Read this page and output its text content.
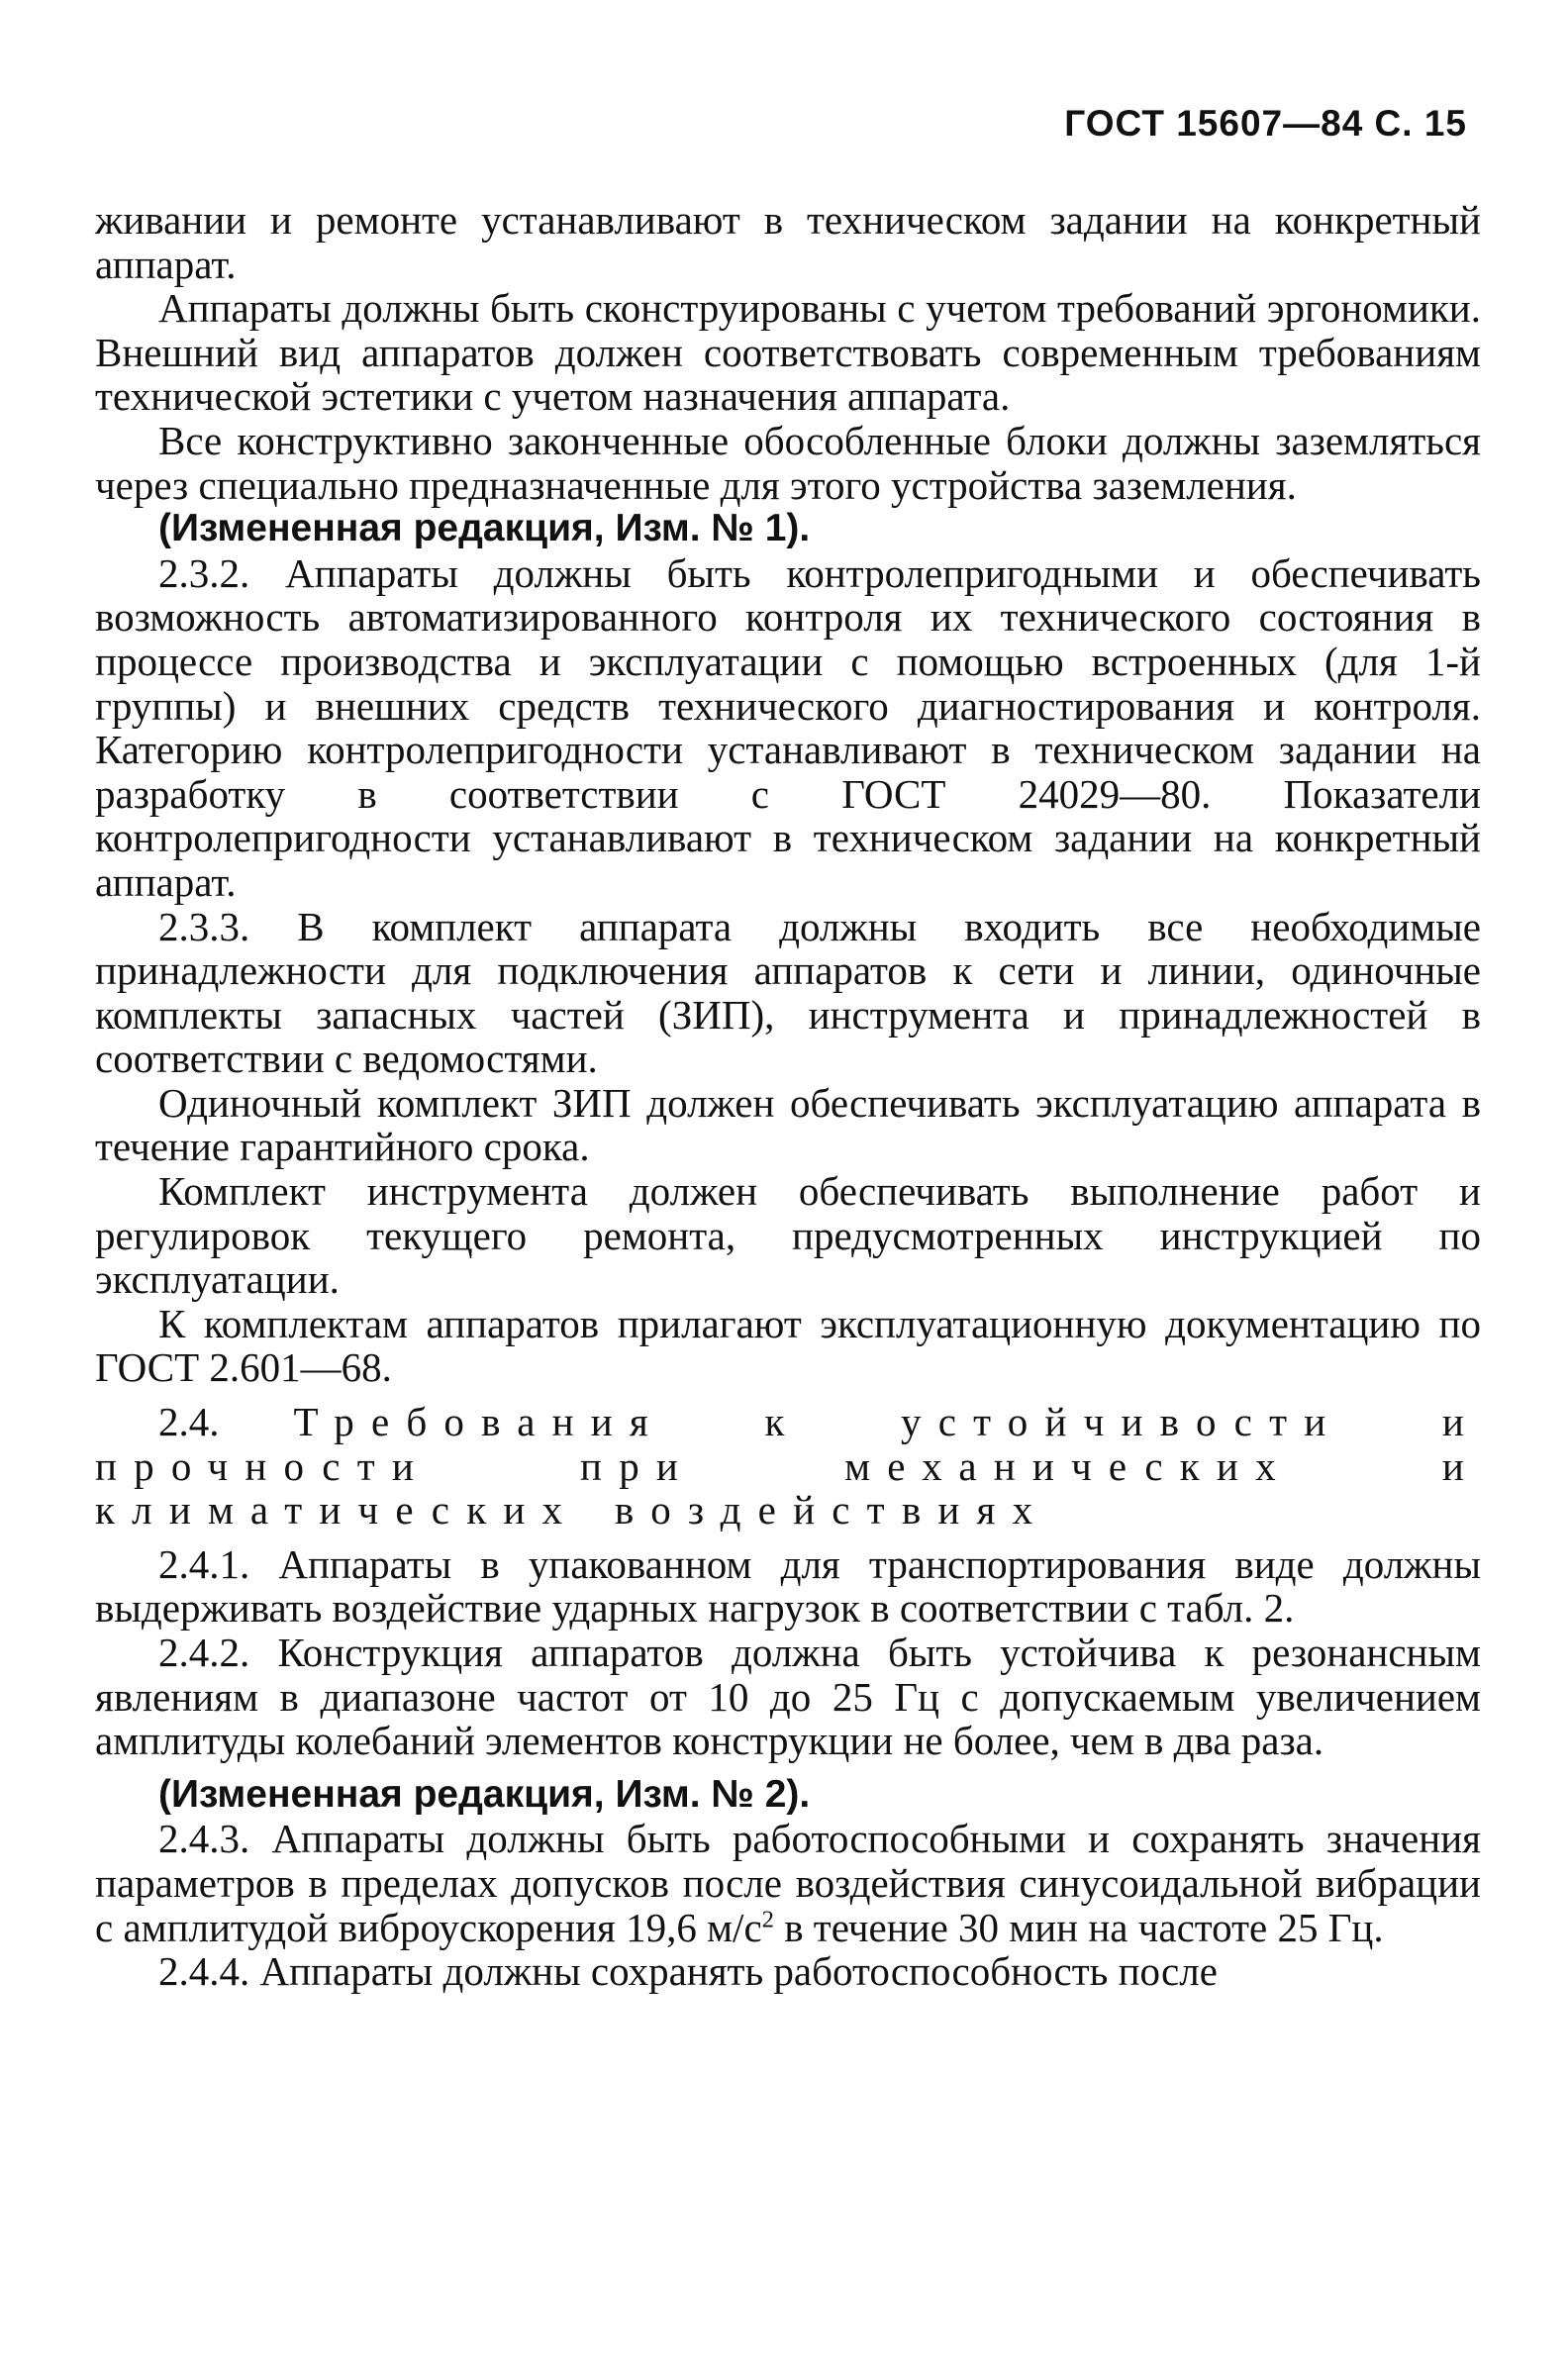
ГОСТ 15607—84 С. 15

живании и ремонте устанавливают в техническом задании на конкретный аппарат.

Аппараты должны быть сконструированы с учетом требований эргономики. Внешний вид аппаратов должен соответствовать современным требованиям технической эстетики с учетом назначения аппарата.

Все конструктивно законченные обособленные блоки должны заземляться через специально предназначенные для этого устройства заземления.

(Измененная редакция, Изм. № 1).

2.3.2. Аппараты должны быть контролепригодными и обеспечивать возможность автоматизированного контроля их технического состояния в процессе производства и эксплуатации с помощью встроенных (для 1-й группы) и внешних средств технического диагностирования и контроля. Категорию контролепригодности устанавливают в техническом задании на разработку в соответствии с ГОСТ 24029—80. Показатели контролепригодности устанавливают в техническом задании на конкретный аппарат.

2.3.3. В комплект аппарата должны входить все необходимые принадлежности для подключения аппаратов к сети и линии, одиночные комплекты запасных частей (ЗИП), инструмента и принадлежностей в соответствии с ведомостями.

Одиночный комплект ЗИП должен обеспечивать эксплуатацию аппарата в течение гарантийного срока.

Комплект инструмента должен обеспечивать выполнение работ и регулировок текущего ремонта, предусмотренных инструкцией по эксплуатации.

К комплектам аппаратов прилагают эксплуатационную документацию по ГОСТ 2.601—68.

2.4. Требования к устойчивости и прочности при механических и климатических воздействиях

2.4.1. Аппараты в упакованном для транспортирования виде должны выдерживать воздействие ударных нагрузок в соответствии с табл. 2.

2.4.2. Конструкция аппаратов должна быть устойчива к резонансным явлениям в диапазоне частот от 10 до 25 Гц с допускаемым увеличением амплитуды колебаний элементов конструкции не более, чем в два раза.

(Измененная редакция, Изм. № 2).

2.4.3. Аппараты должны быть работоспособными и сохранять значения параметров в пределах допусков после воздействия синусоидальной вибрации с амплитудой виброускорения 19,6 $м/с^2$ в течение 30 мин на частоте 25 Гц.

2.4.4. Аппараты должны сохранять работоспособность после
